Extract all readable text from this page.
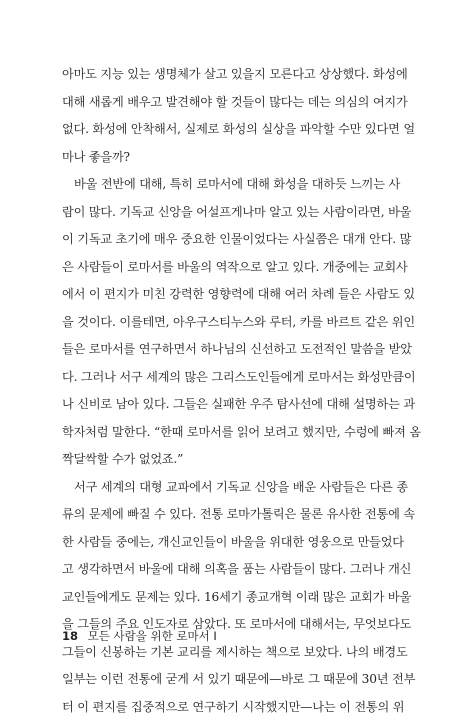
아마도 지능 있는 생명체가 살고 있을지 모른다고 상상했다. 화성에
대해 새롭게 배우고 발견해야 할 것들이 많다는 데는 의심의 여지가
없다. 화성에 안착해서, 실제로 화성의 실상을 파악할 수만 있다면 얼
마나 좋을까?
바울 전반에 대해, 특히 로마서에 대해 화성을 대하듯 느끼는 사
람이 많다. 기독교 신앙을 어설프게나마 알고 있는 사람이라면, 바울
이 기독교 초기에 매우 중요한 인물이었다는 사실쯤은 대개 안다. 많
은 사람들이 로마서를 바울의 역작으로 알고 있다. 개중에는 교회사
에서 이 편지가 미친 강력한 영향력에 대해 여러 차례 들은 사람도 있
을 것이다. 이를테면, 아우구스티누스와 루터, 카를 바르트 같은 위인
들은 로마서를 연구하면서 하나님의 신선하고 도전적인 말씀을 받았
다. 그러나 서구 세계의 많은 그리스도인들에게 로마서는 화성만큼이
나 신비로 남아 있다. 그들은 실패한 우주 탐사선에 대해 설명하는 과
학자처럼 말한다. “한때 로마서를 읽어 보려고 했지만, 수렁에 빠져 옴
짝달싹할 수가 없었죠.”
서구 세계의 대형 교파에서 기독교 신앙을 배운 사람들은 다른 종
류의 문제에 빠질 수 있다. 전통 로마가톨릭은 물론 유사한 전통에 속
한 사람들 중에는, 개신교인들이 바울을 위대한 영웅으로 만들었다
고 생각하면서 바울에 대해 의혹을 품는 사람들이 많다. 그러나 개신
교인들에게도 문제는 있다. 16세기 종교개혁 이래 많은 교회가 바울
을 그들의 주요 인도자로 삼았다. 또 로마서에 대해서는, 무엇보다도
그들이 신봉하는 기본 교리를 제시하는 책으로 보았다. 나의 배경도
일부는 이런 전통에 굳게 서 있기 때문에—바로 그 때문에 30년 전부
터 이 편지를 집중적으로 연구하기 시작했지만—나는 이 전통의 위
18 모든 사람을 위한 로마서 I
